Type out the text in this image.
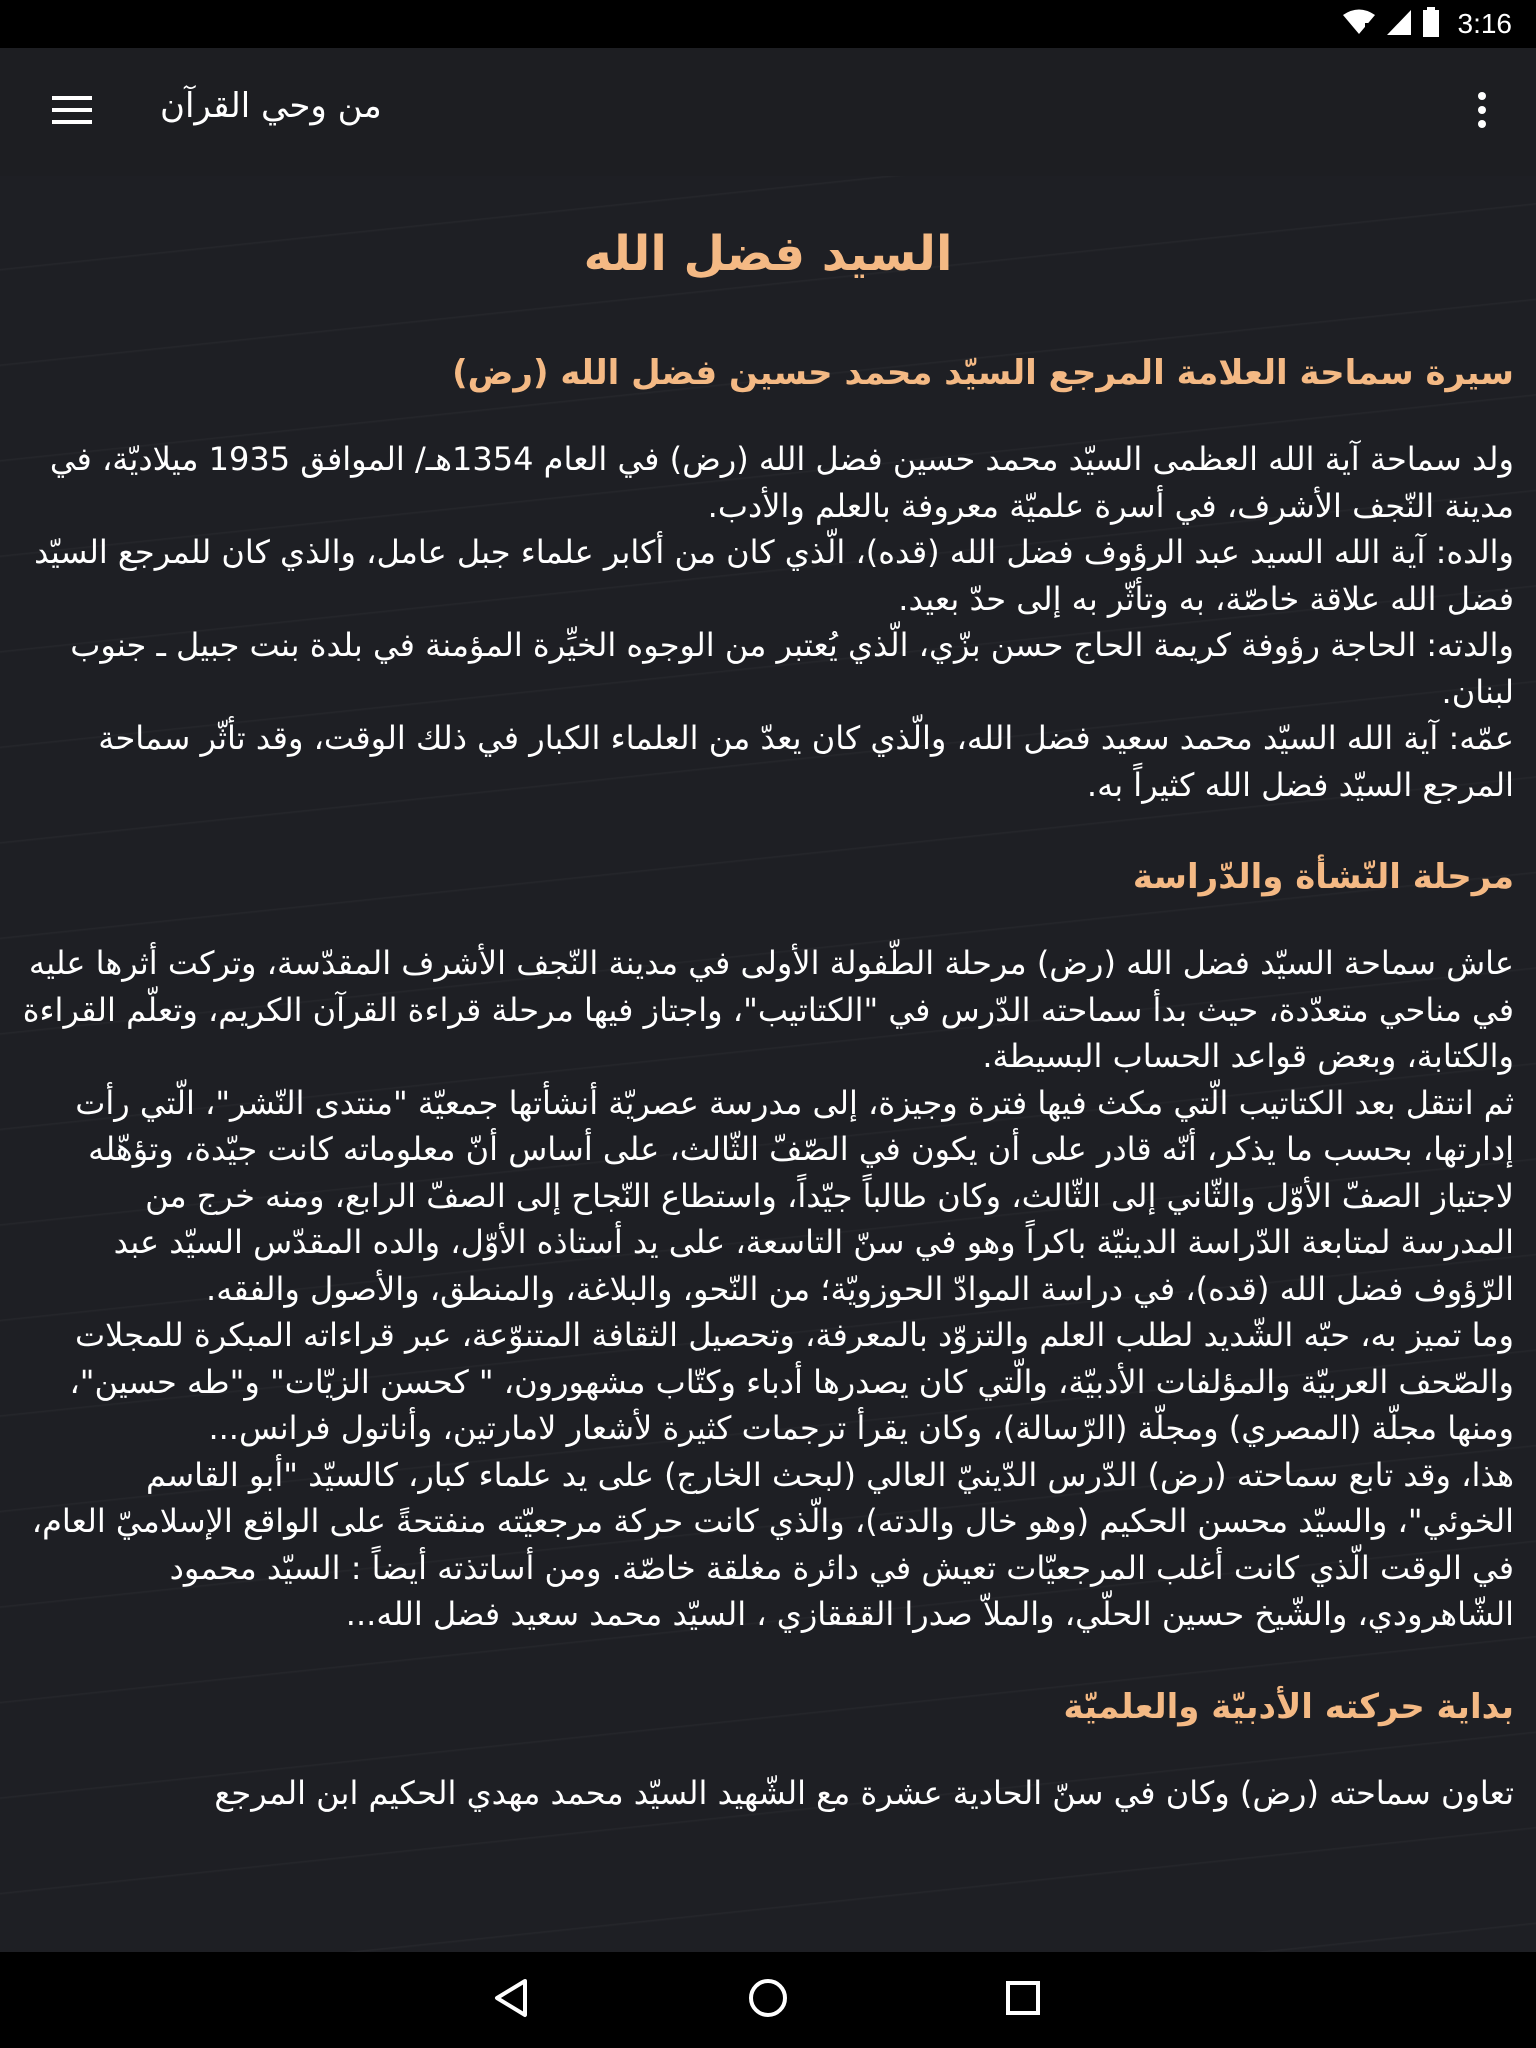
3:16
من وحي القرآن
السيد فضل الله
سيرة سماحة العلامة المرجع السيّد محمد حسين فضل الله (رض)

ولد سماحة آية الله العظمى السيّد محمد حسين فضل الله (رض) في العام 1354هـ/ الموافق 1935 ميلاديّة، في مدينة النّجف الأشرف، في أسرة علميّة معروفة بالعلم والأدب.

والده: آية الله السيد عبد الرؤوف فضل الله (قده)، الّذي كان من أكابر علماء جبل عامل، والذي كان للمرجع السيّد فضل الله علاقة خاصّة، به وتأثّر به إلى حدّ بعيد.

والدته: الحاجة رؤوفة كريمة الحاج حسن بزّي، الّذي يُعتبر من الوجوه الخيِّرة المؤمنة في بلدة بنت جبيل ـ جنوب لبنان.

عمّه: آية الله السيّد محمد سعيد فضل الله، والّذي كان يعدّ من العلماء الكبار في ذلك الوقت، وقد تأثّر سماحة المرجع السيّد فضل الله كثيراً به.

مرحلة النّشأة والدّراسة

عاش سماحة السيّد فضل الله (رض) مرحلة الطّفولة الأولى في مدينة النّجف الأشرف المقدّسة، وتركت أثرها عليه في مناحي متعدّدة، حيث بدأ سماحته الدّرس في "الكتاتيب"، واجتاز فيها مرحلة قراءة القرآن الكريم، وتعلّم القراءة والكتابة، وبعض قواعد الحساب البسيطة.

ثم انتقل بعد الكتاتيب الّتي مكث فيها فترة وجيزة، إلى مدرسة عصريّة أنشأتها جمعيّة "منتدى النّشر"، الّتي رأت إدارتها، بحسب ما يذكر، أنّه قادر على أن يكون في الصّفّ الثّالث، على أساس أنّ معلوماته كانت جيّدة، وتؤهّله لاجتياز الصفّ الأوّل والثّاني إلى الثّالث، وكان طالباً جيّداً، واستطاع النّجاح إلى الصفّ الرابع، ومنه خرج من المدرسة لمتابعة الدّراسة الدينيّة باكراً وهو في سنّ التاسعة، على يد أستاذه الأوّل، والده المقدّس السيّد عبد الرّؤوف فضل الله (قده)، في دراسة الموادّ الحوزويّة؛ من النّحو، والبلاغة، والمنطق، والأصول والفقه.

وما تميز به، حبّه الشّديد لطلب العلم والتزوّد بالمعرفة، وتحصيل الثقافة المتنوّعة، عبر قراءاته المبكرة للمجلات والصّحف العربيّة والمؤلفات الأدبيّة، والّتي كان يصدرها أدباء وكتّاب مشهورون، " كحسن الزيّات" و"طه حسين"، ومنها مجلّة (المصري) ومجلّة (الرّسالة)، وكان يقرأ ترجمات كثيرة لأشعار لامارتين، وأناتول فرانس...

هذا، وقد تابع سماحته (رض) الدّرس الدّينيّ العالي (لبحث الخارج) على يد علماء كبار، كالسيّد "أبو القاسم الخوئي"، والسيّد محسن الحكيم (وهو خال والدته)، والّذي كانت حركة مرجعيّته منفتحةً على الواقع الإسلاميّ العام، في الوقت الّذي كانت أغلب المرجعيّات تعيش في دائرة مغلقة خاصّة. ومن أساتذته أيضاً : السيّد محمود الشّاهرودي، والشّيخ حسين الحلّي، والملاّ صدرا القفقازي ، السيّد محمد سعيد فضل الله...

بداية حركته الأدبيّة والعلميّة

تعاون سماحته (رض) وكان في سنّ الحادية عشرة مع الشّهيد السيّد محمد مهدي الحكيم ابن المرجع
